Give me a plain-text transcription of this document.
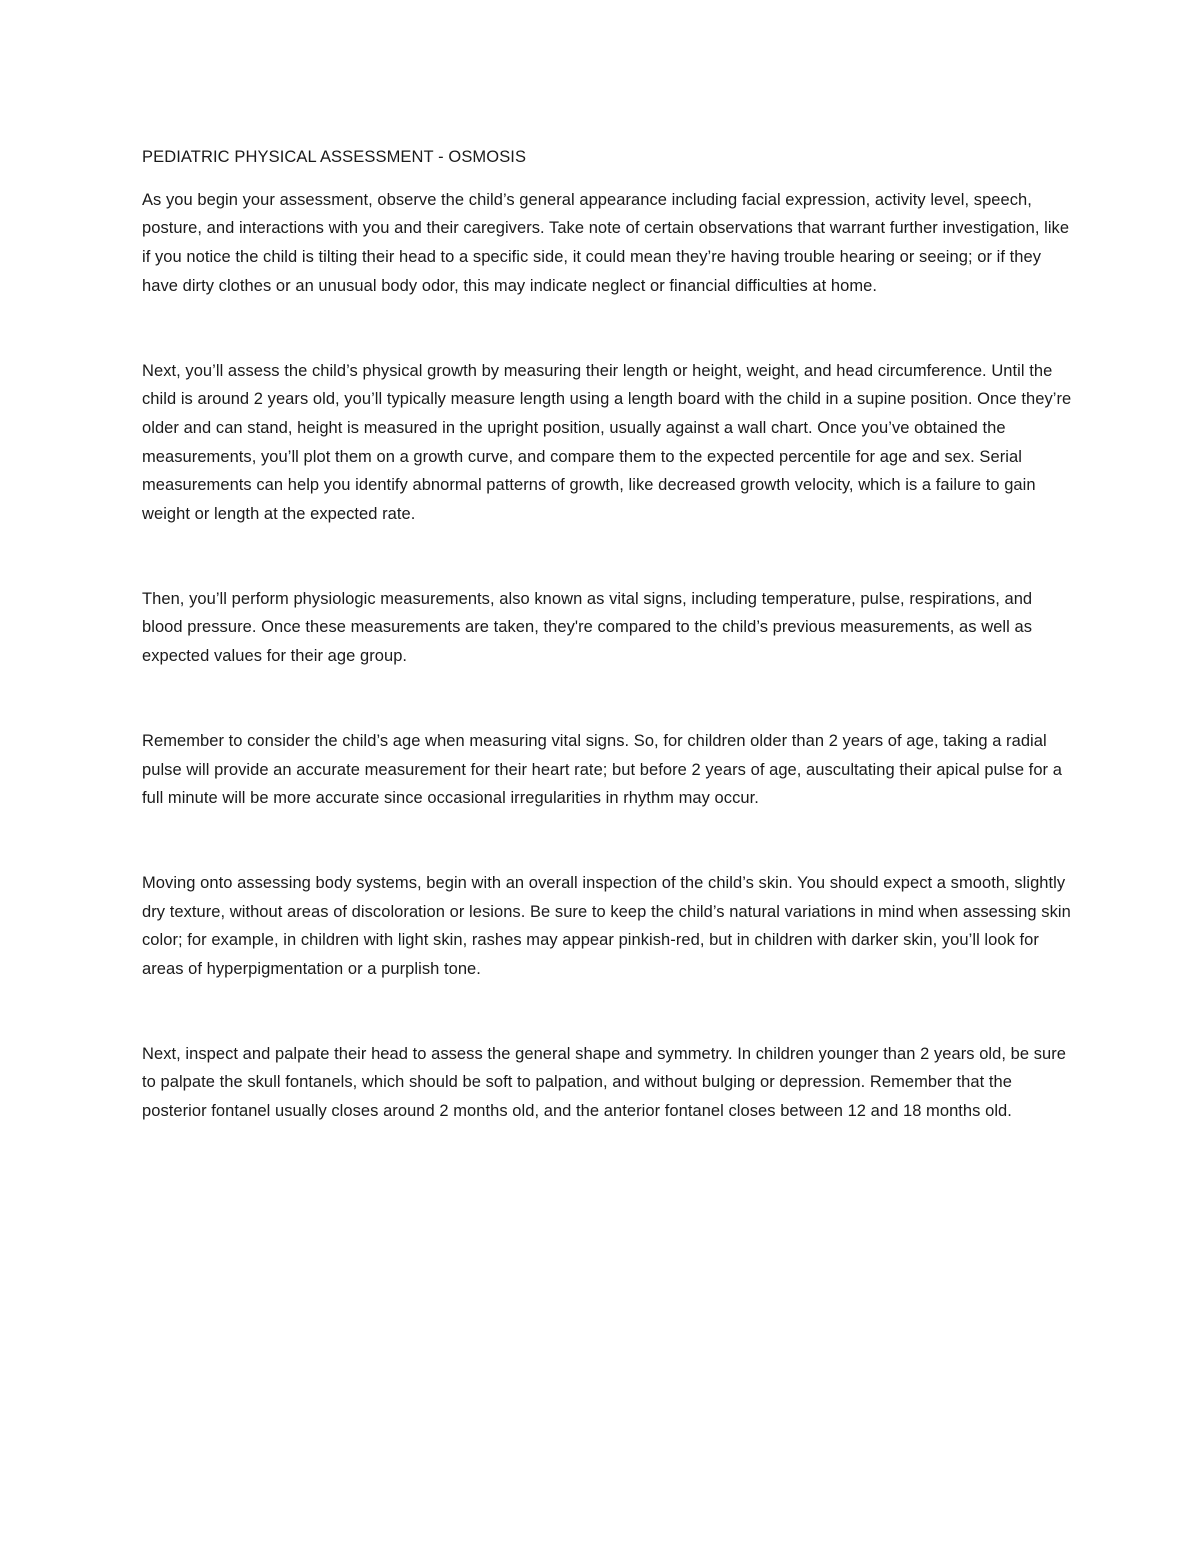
PEDIATRIC PHYSICAL ASSESSMENT - OSMOSIS

As you begin your assessment, observe the child’s general appearance including facial expression, activity level, speech, posture, and interactions with you and their caregivers. Take note of certain observations that warrant further investigation, like if you notice the child is tilting their head to a specific side, it could mean they’re having trouble hearing or seeing; or if they have dirty clothes or an unusual body odor, this may indicate neglect or financial difficulties at home.

Next, you’ll assess the child’s physical growth by measuring their length or height, weight, and head circumference. Until the child is around 2 years old, you’ll typically measure length using a length board with the child in a supine position. Once they’re older and can stand, height is measured in the upright position, usually against a wall chart. Once you’ve obtained the measurements, you’ll plot them on a growth curve, and compare them to the expected percentile for age and sex. Serial measurements can help you identify abnormal patterns of growth, like decreased growth velocity, which is a failure to gain weight or length at the expected rate.

Then, you’ll perform physiologic measurements, also known as vital signs, including temperature, pulse, respirations, and blood pressure. Once these measurements are taken, they're compared to the child’s previous measurements, as well as expected values for their age group.

Remember to consider the child’s age when measuring vital signs. So, for children older than 2 years of age, taking a radial pulse will provide an accurate measurement for their heart rate; but before 2 years of age, auscultating their apical pulse for a full minute will be more accurate since occasional irregularities in rhythm may occur.

Moving onto assessing body systems, begin with an overall inspection of the child’s skin. You should expect a smooth, slightly dry texture, without areas of discoloration or lesions. Be sure to keep the child’s natural variations in mind when assessing skin color; for example, in children with light skin, rashes may appear pinkish-red, but in children with darker skin, you’ll look for areas of hyperpigmentation or a purplish tone.

Next, inspect and palpate their head to assess the general shape and symmetry. In children younger than 2 years old, be sure to palpate the skull fontanels, which should be soft to palpation, and without bulging or depression. Remember that the posterior fontanel usually closes around 2 months old, and the anterior fontanel closes between 12 and 18 months old.
